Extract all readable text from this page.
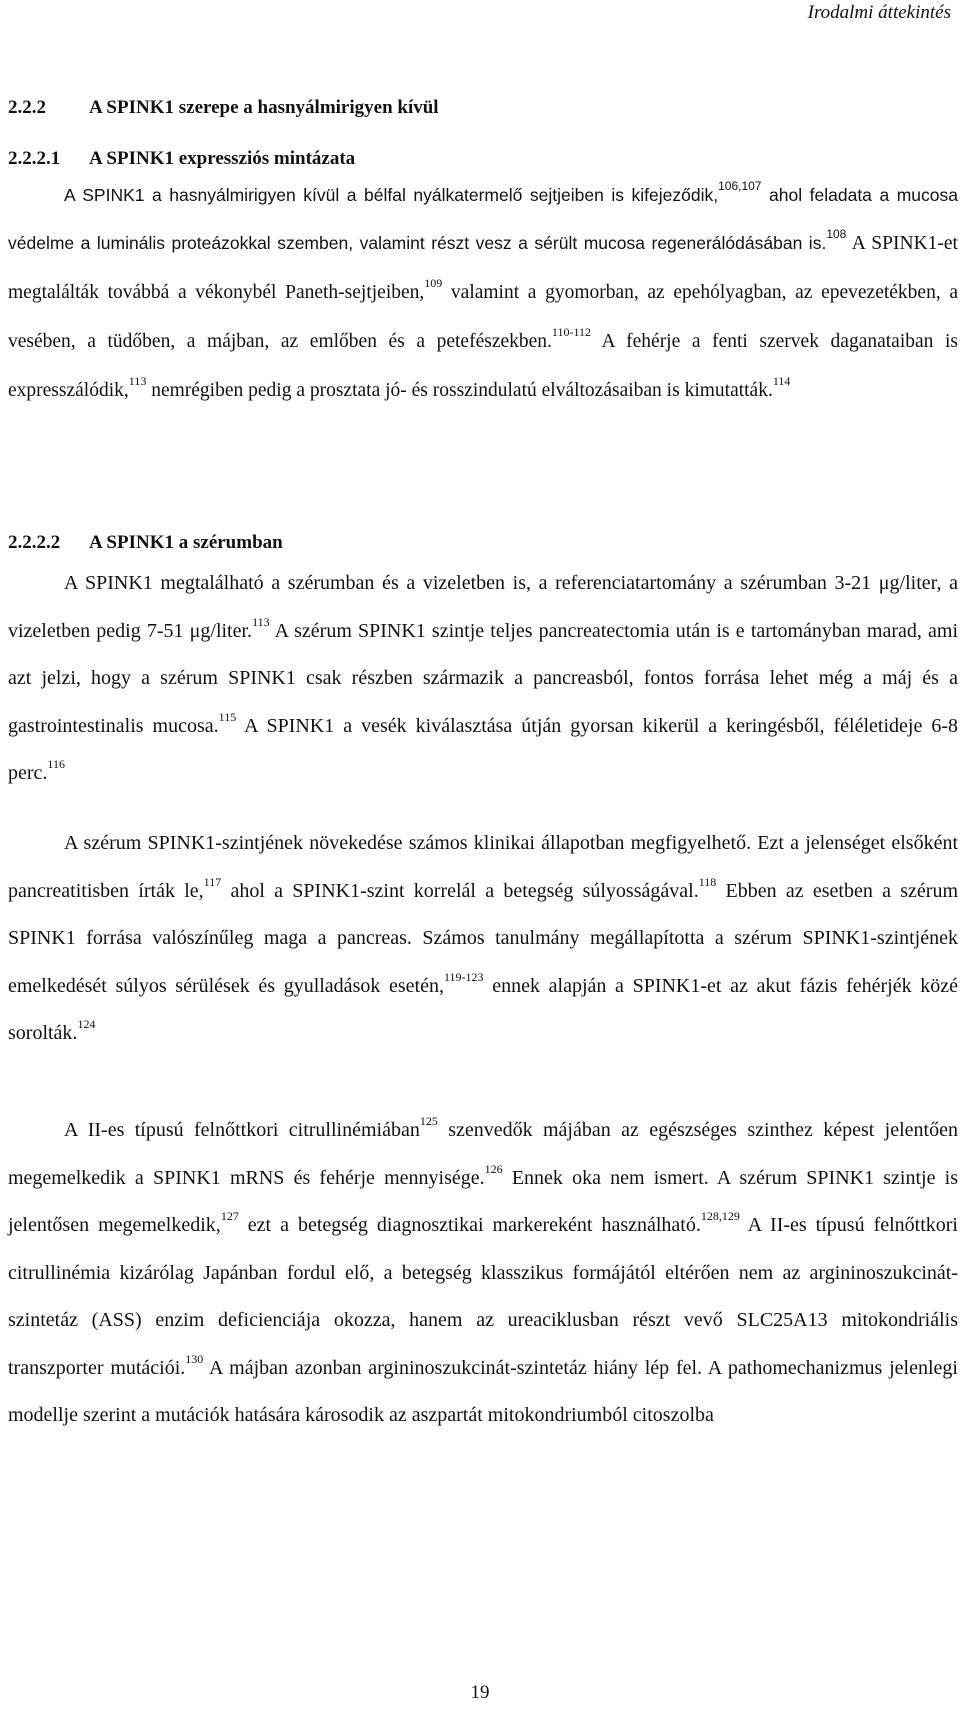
Irodalmi áttekintés
2.2.2 A SPINK1 szerepe a hasnyálmirigyen kívül
2.2.2.1 A SPINK1 expressziós mintázata
A SPINK1 a hasnyálmirigyen kívül a bélfal nyálkatermelő sejtjeiben is kifejeződik,$^{106,107}$ ahol feladata a mucosa védelme a luminális proteázokkal szemben, valamint részt vesz a sérült mucosa regenerálódásában is.$^{108}$ A SPINK1-et megtalálták továbbá a vékonybél Paneth-sejtjeiben,$^{109}$ valamint a gyomorban, az epehólyagban, az epevezetékben, a vesében, a tüdőben, a májban, az emlőben és a petefészekben.$^{110-112}$ A fehérje a fenti szervek daganataiban is expresszálódik,$^{113}$ nemrégiben pedig a prosztata jó- és rosszindulatú elváltozásaiban is kimutatták.$^{114}$
2.2.2.2 A SPINK1 a szérumban
A SPINK1 megtalálható a szérumban és a vizeletben is, a referenciatartomány a szérumban 3-21 μg/liter, a vizeletben pedig 7-51 μg/liter.$^{113}$ A szérum SPINK1 szintje teljes pancreatectomia után is e tartományban marad, ami azt jelzi, hogy a szérum SPINK1 csak részben származik a pancreasból, fontos forrása lehet még a máj és a gastrointestinalis mucosa.$^{115}$ A SPINK1 a vesék kiválasztása útján gyorsan kikerül a keringésből, féléletideje 6-8 perc.$^{116}$
A szérum SPINK1-szintjének növekedése számos klinikai állapotban megfigyelhető. Ezt a jelenséget elsőként pancreatitisben írták le,$^{117}$ ahol a SPINK1-szint korrelál a betegség súlyosságával.$^{118}$ Ebben az esetben a szérum SPINK1 forrása valószínűleg maga a pancreas. Számos tanulmány megállapította a szérum SPINK1-szintjének emelkedését súlyos sérülések és gyulladások esetén,$^{119-123}$ ennek alapján a SPINK1-et az akut fázis fehérjék közé sorolták.$^{124}$
A II-es típusú felnőttkori citrullinémiában$^{125}$ szenvedők májában az egészséges szinthez képest jelentően megemelkedik a SPINK1 mRNS és fehérje mennyisége.$^{126}$ Ennek oka nem ismert. A szérum SPINK1 szintje is jelentősen megemelkedik,$^{127}$ ezt a betegség diagnosztikai markereként használható.$^{128,129}$ A II-es típusú felnőttkori citrullinémia kizárólag Japánban fordul elő, a betegség klasszikus formájától eltérően nem az argininoszukcinát-szintetáz (ASS) enzim deficienciája okozza, hanem az ureaciklusban részt vevő SLC25A13 mitokondriális transzporter mutációi.$^{130}$ A májban azonban argininoszukcinát-szintetáz hiány lép fel. A pathomechanizmus jelenlegi modellje szerint a mutációk hatására károsodik az aszpartát mitokondriumból citoszolba
19
